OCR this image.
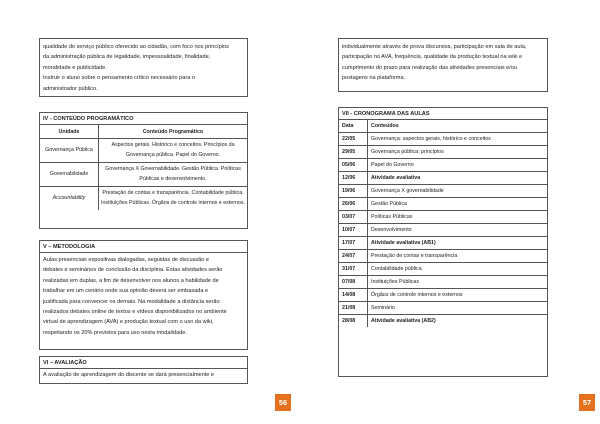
qualidade do serviço público oferecido ao cidadão, com foco nos princípios
da administração pública de legalidade, impessoalidade, finalidade,
moralidade e publicidade.
Instruir o aluno sobre o pensamento crítico necessário para o
administrador público.
IV - CONTEÚDO PROGRAMÁTICO
Unidade	Conteúdo Programático
Governança Pública	Aspectos gerais. Histórico e conceitos. Princípios da Governança pública. Papel do Governo.
Governabilidade	Governança X Governabilidade. Gestão Pública. Políticas Públicas e desenvolvimento.
Accountability	Prestação de contas e transparência. Contabilidade pública. Instituições Públicas. Órgãos de controle internos e externos.
V – METODOLOGIA
Aulas presenciais expositivas dialogadas, seguidas de discussão e
debates e seminários de conclusão da disciplina. Estas atividades serão
realizadas em duplas, a fim de desenvolver nos alunos a habilidade de
trabalhar em um cenário onde sua opinião deverá ser embasada e
justificada para convencer os demais. Na modalidade a distância serão
realizados debates online de textos e vídeos disponibilizados no ambiente
virtual de aprendizagem (AVA) e produção textual com o uso da wiki,
respeitando os 20% previstos para uso nesta modalidade.
VI – AVALIAÇÃO
A avaliação de aprendizagem do discente se dará presencialmente e
56
individualmente através de prova discursiva, participação em sala de aula,
participação no AVA, frequência, qualidade da produção textual na wiki e
cumprimento do prazo para realização das atividades presenciais e/ou
postagens na plataforma.
VII - CRONOGRAMA DAS AULAS
Data	Conteúdos
22/05	Governança: aspectos gerais, histórico e conceitos
29/05	Governança pública: princípios
05/06	Papel do Governo
12/06	Atividade avaliativa
19/06	Governança X governabilidade
26/06	Gestão Pública
03/07	Políticas Públicas
10/07	Desenvolvimento
17/07	Atividade avaliativa (AB1)
24/07	Prestação de contas e transparência
31/07	Contabilidade pública
07/08	Instituições Públicas
14/08	Órgãos de controle internos e externos
21/08	Seminário
28/08	Atividade avaliativa (AB2)
57
